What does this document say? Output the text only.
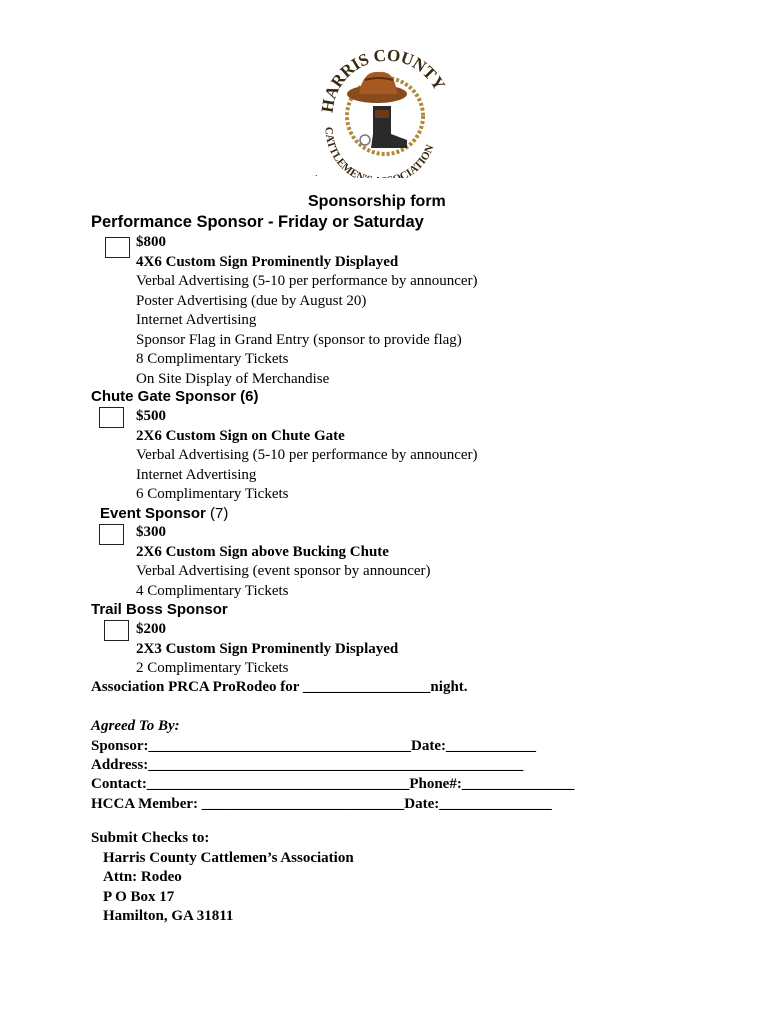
HARRIS COUNTY
CATTLEMEN CIATION
.
Sponsorship form
Performance Sponsor - Friday or Saturday
$800
4X6 Custom Sign Prominently Displayed
Verbal Advertising (5-10 per performance by announcer)
Poster Advertising (due by August 20)
Internet Advertising
Sponsor Flag in Grand Entry (sponsor to provide flag)
8 Complimentary Tickets
On Site Display of Merchandise
Chute Gate Sponsor (6)
$500
2X6 Custom Sign on Chute Gate
Verbal Advertising (5-10 per performance by announcer)
Internet Advertising
6 Complimentary Tickets
Event Sponsor (7)
$300
2X6 Custom Sign above Bucking Chute
Verbal Advertising (event sponsor by announcer)
4 Complimentary Tickets
Trail Boss Sponsor
$200
2X3 Custom Sign Prominently Displayed
2 Complimentary Tickets
Association PRCA ProRodeo for _________________night.
Agreed To By:
Sponsor:___________________________________Date:____________
Address:__________________________________________________
Contact:___________________________________Phone#:_______________
HCCA Member: ___________________________Date:_______________
Submit Checks to:
Harris County Cattlemen’s Association
Attn: Rodeo
P O Box 17
Hamilton, GA 31811
